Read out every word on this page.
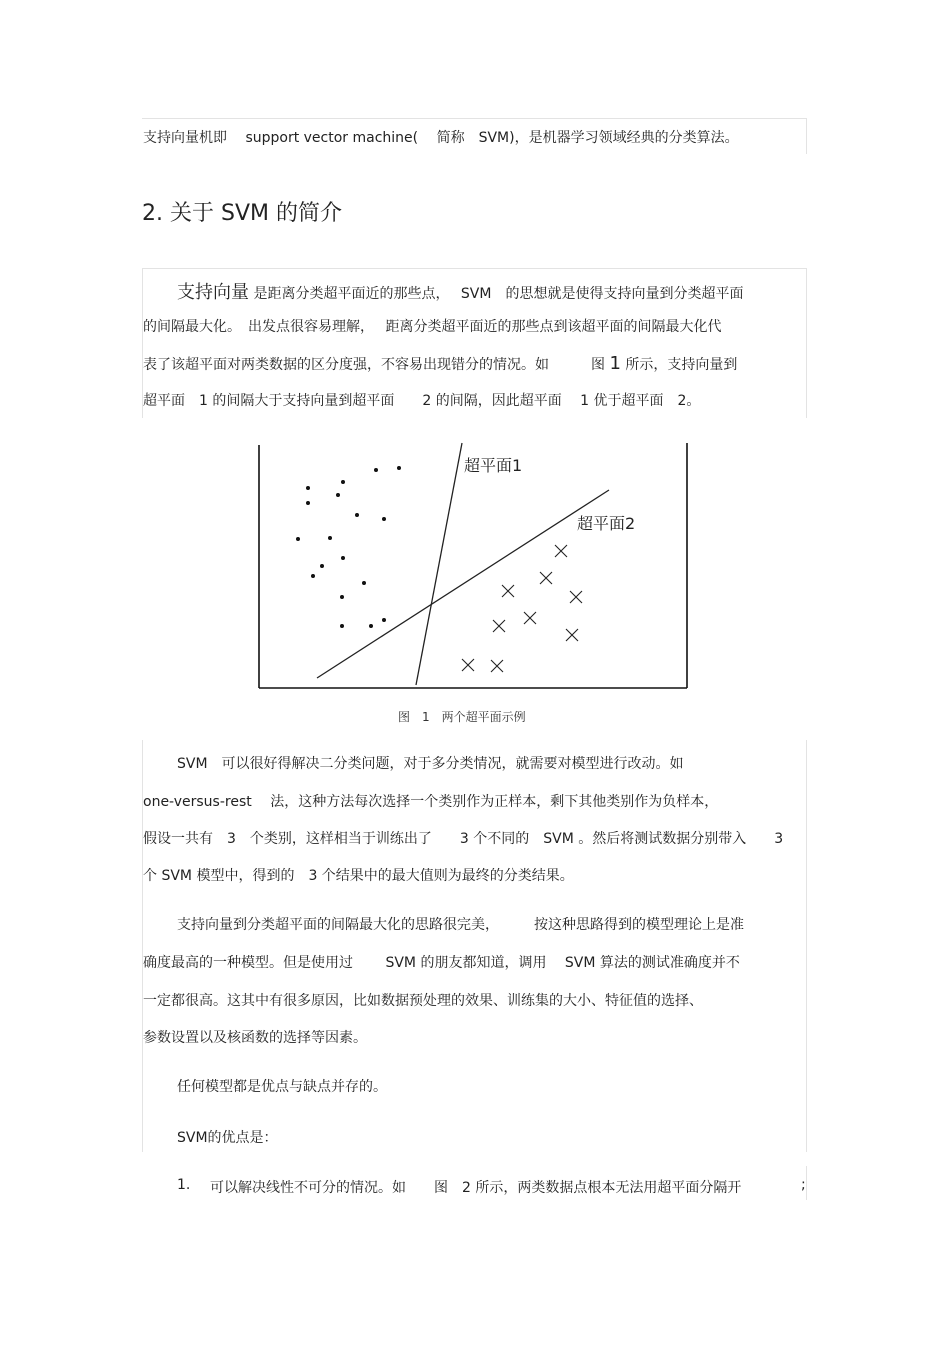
支持向量机即　 support vector machine( 　简称　SVM)，是机器学习领域经典的分类算法。
2. 关于 SVM 的简介
支持向量 是距离分类超平面近的那些点，　 SVM　的思想就是使得支持向量到分类超平面
的间隔最大化。　出发点很容易理解，　 距离分类超平面近的那些点到该超平面的间隔最大化代
表了该超平面对两类数据的区分度强，不容易出现错分的情况。如　　　图 1 所示，支持向量到
超平面　1 的间隔大于支持向量到超平面　　2 的间隔，因此超平面　 1 优于超平面　2。
超平面1
超平面2
图　1　两个超平面示例
SVM　可以很好得解决二分类问题，对于多分类情况，就需要对模型进行改动。如
one-versus-rest　 法，这种方法每次选择一个类别作为正样本，剩下其他类别作为负样本，
假设一共有　3　个类别，这样相当于训练出了　　3 个不同的　SVM 。然后将测试数据分别带入　　3
个 SVM 模型中，得到的　3 个结果中的最大值则为最终的分类结果。
支持向量到分类超平面的间隔最大化的思路很完美，　　　按这种思路得到的模型理论上是准
确度最高的一种模型。但是使用过　　 SVM 的朋友都知道，调用　 SVM 算法的测试准确度并不
一定都很高。这其中有很多原因，比如数据预处理的效果、训练集的大小、特征值的选择、
参数设置以及核函数的选择等因素。
任何模型都是优点与缺点并存的。
SVM的优点是：
1. 可以解决线性不可分的情况。如　　图　2 所示，两类数据点根本无法用超平面分隔开	;
